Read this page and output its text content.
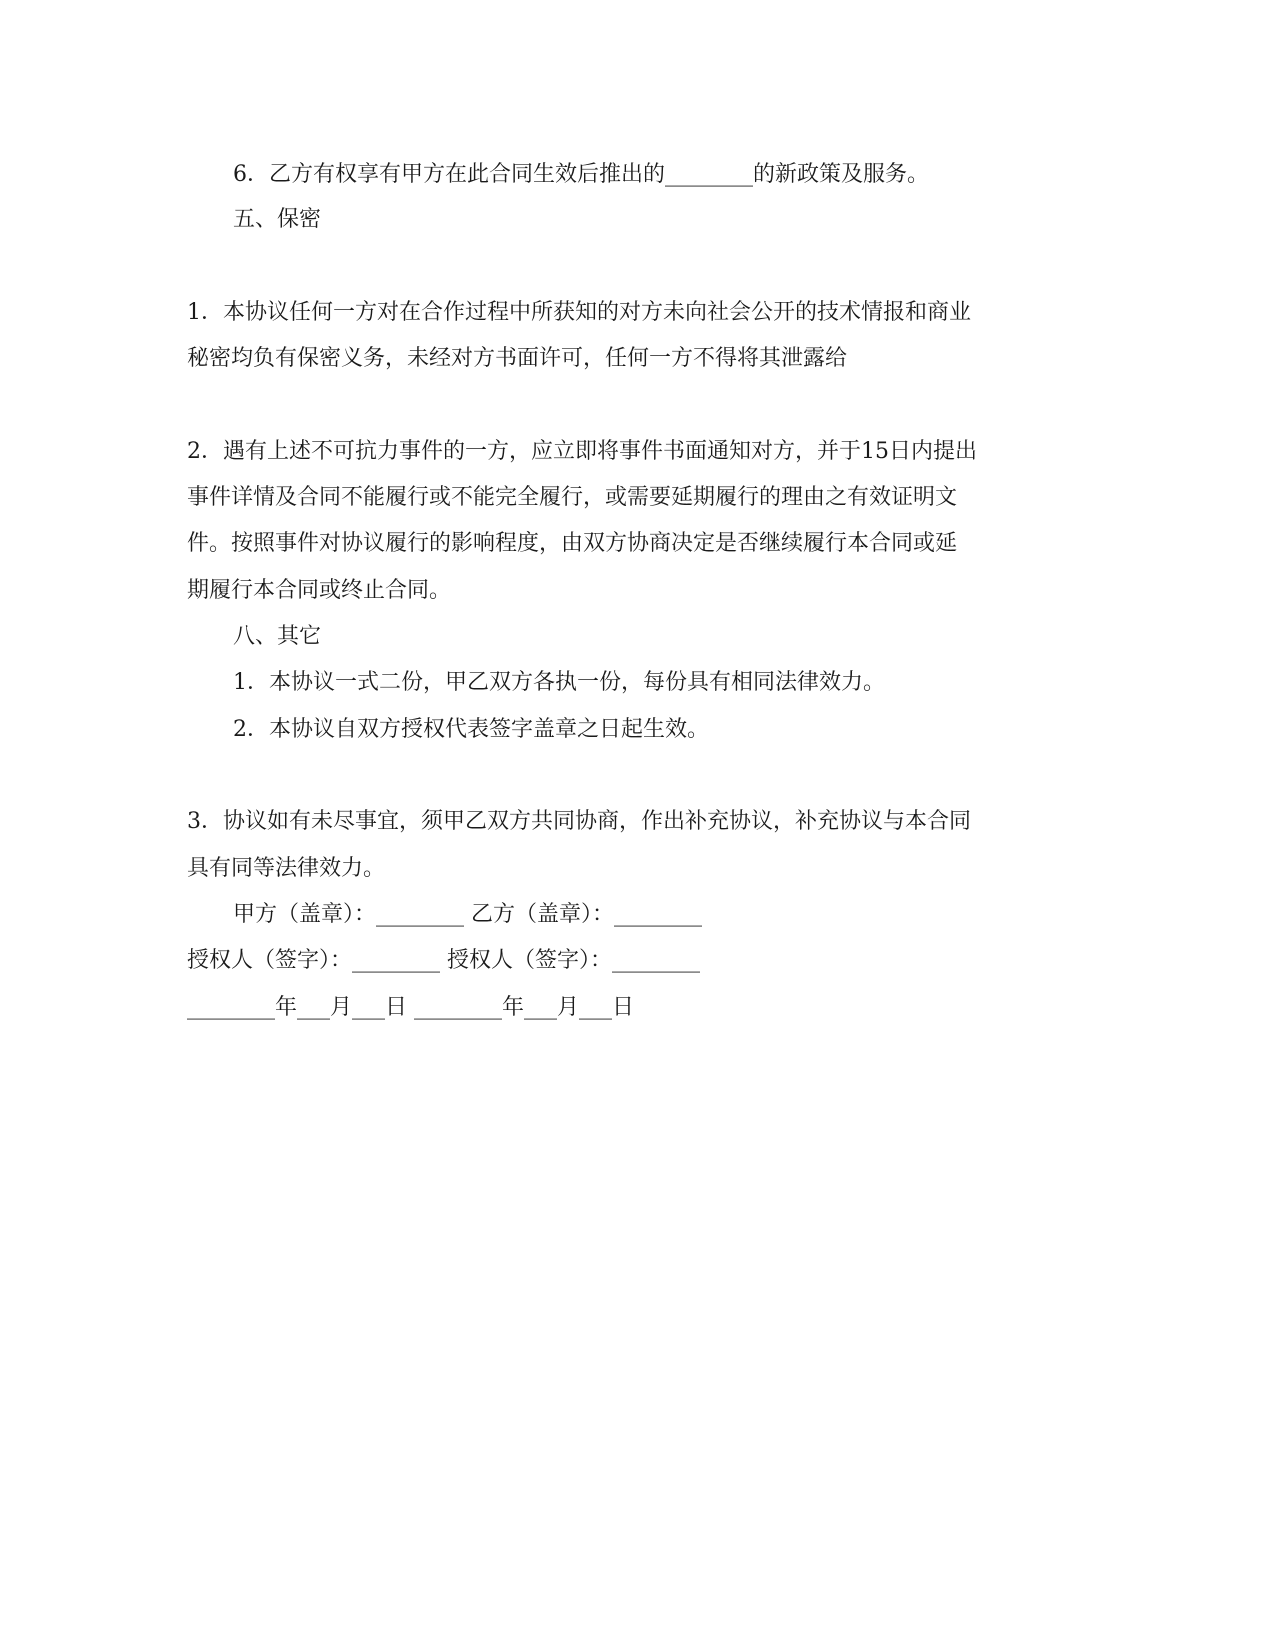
6．乙方有权享有甲方在此合同生效后推出的________的新政策及服务。
五、保密
1．本协议任何一方对在合作过程中所获知的对方未向社会公开的技术情报和商业
秘密均负有保密义务，未经对方书面许可，任何一方不得将其泄露给
2．遇有上述不可抗力事件的一方，应立即将事件书面通知对方，并于15日内提出
事件详情及合同不能履行或不能完全履行，或需要延期履行的理由之有效证明文
件。按照事件对协议履行的影响程度，由双方协商决定是否继续履行本合同或延
期履行本合同或终止合同。
八、其它
1．本协议一式二份，甲乙双方各执一份，每份具有相同法律效力。
2．本协议自双方授权代表签字盖章之日起生效。
3．协议如有未尽事宜，须甲乙双方共同协商，作出补充协议，补充协议与本合同
具有同等法律效力。
甲方（盖章）：________ 乙方（盖章）：________
授权人（签字）：________ 授权人（签字）：________
________年___月___日 ________年___月___日
